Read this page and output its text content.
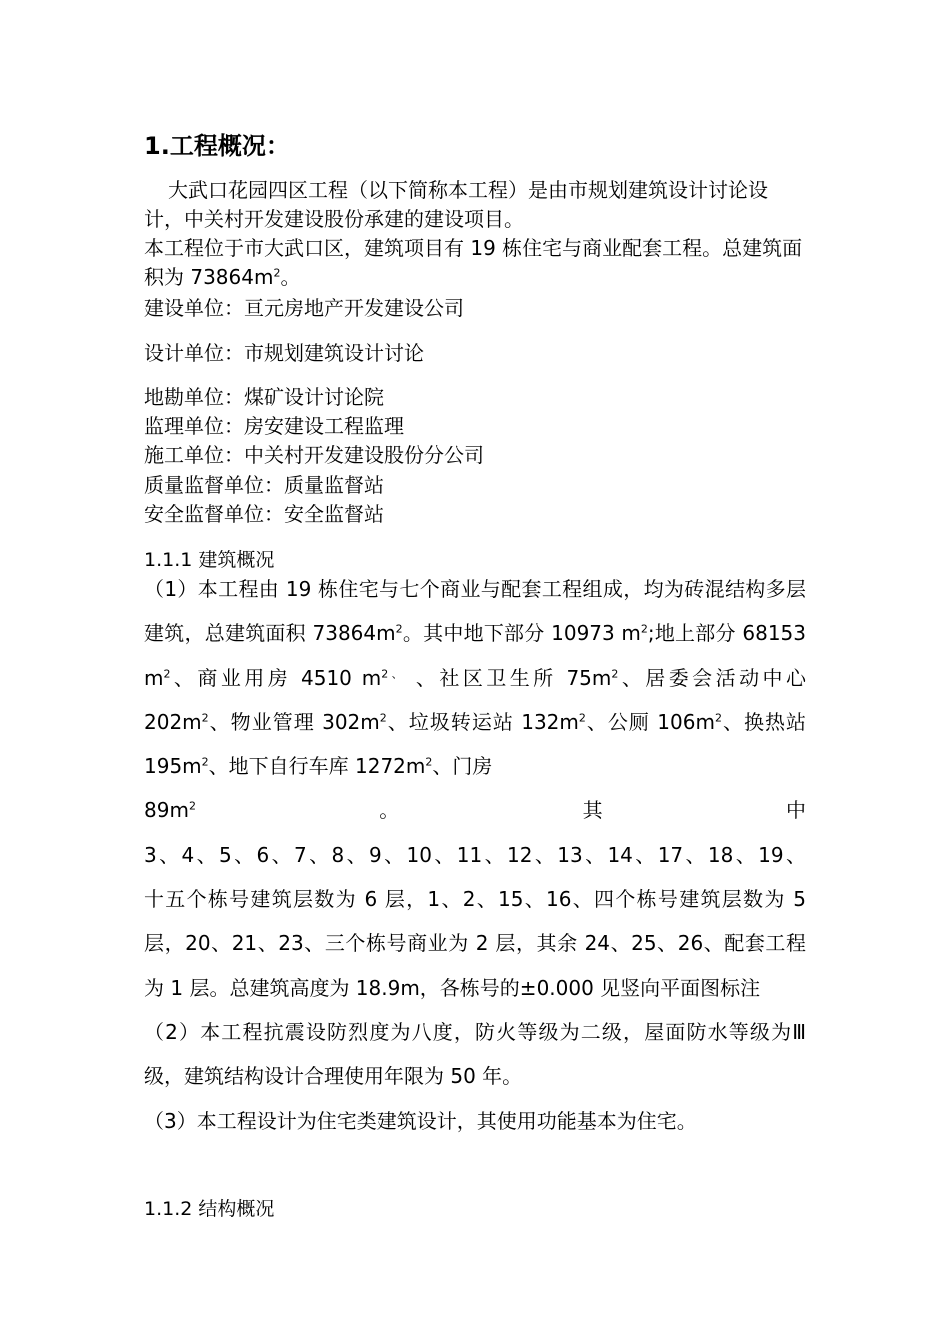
1.工程概况：

大武口花园四区工程（以下简称本工程）是由市规划建筑设计讨论设计，中关村开发建设股份承建的建设项目。

本工程位于市大武口区，建筑项目有 19 栋住宅与商业配套工程。总建筑面积为 $73864m^2$。

建设单位：亘元房地产开发建设公司

设计单位：市规划建筑设计讨论

地勘单位：煤矿设计讨论院

监理单位：房安建设工程监理

施工单位：中关村开发建设股份分公司

质量监督单位：质量监督站

安全监督单位：安全监督站

1.1.1 建筑概况

（1）本工程由 19 栋住宅与七个商业与配套工程组成，均为砖混结构多层建筑，总建筑面积 $73864m^2$。其中地下部分 10973 $m^2$;地上部分 68153 $m^2$、商业用房 4510 $m^{2、}$ 、社区卫生所 $75m^2$、居委会活动中心 $202m^2$、物业管理 $302m^2$、垃圾转运站 $132m^2$、公厕 $106m^2$、换热站 $195m^2$、地下自行车库 $1272m^2$、门房

$89m^2$	。	其	中

3、4、5、6、7、8、9、10、11、12、13、14、17、18、19、

十五个栋号建筑层数为 6 层，1、2、15、16、四个栋号建筑层数为 5 层，20、21、23、三个栋号商业为 2 层，其余 24、25、26、配套工程为 1 层。总建筑高度为 18.9m，各栋号的±0.000 见竖向平面图标注

（2）本工程抗震设防烈度为八度，防火等级为二级，屋面防水等级为Ⅲ级，建筑结构设计合理使用年限为 50 年。

（3）本工程设计为住宅类建筑设计，其使用功能基本为住宅。

1.1.2 结构概况
